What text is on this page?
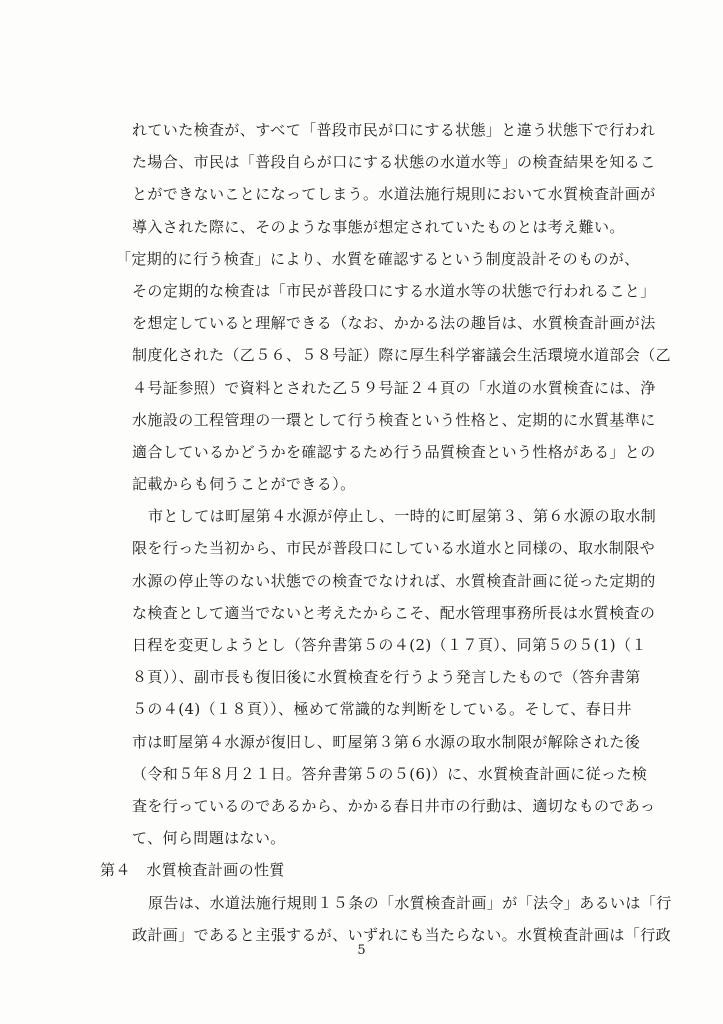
れていた検査が、すべて「普段市民が口にする状態」と違う状態下で行われ
た場合、市民は「普段自らが口にする状態の水道水等」の検査結果を知るこ
とができないことになってしまう。水道法施行規則において水質検査計画が
導入された際に、そのような事態が想定されていたものとは考え難い。
「定期的に行う検査」により、水質を確認するという制度設計そのものが、
その定期的な検査は「市民が普段口にする水道水等の状態で行われること」
を想定していると理解できる（なお、かかる法の趣旨は、水質検査計画が法
制度化された（乙５６、５８号証）際に厚生科学審議会生活環境水道部会（乙
４号証参照）で資料とされた乙５９号証２４頁の「水道の水質検査には、浄
水施設の工程管理の一環として行う検査という性格と、定期的に水質基準に
適合しているかどうかを確認するため行う品質検査という性格がある」との
記載からも伺うことができる）。
市としては町屋第４水源が停止し、一時的に町屋第３、第６水源の取水制
限を行った当初から、市民が普段口にしている水道水と同様の、取水制限や
水源の停止等のない状態での検査でなければ、水質検査計画に従った定期的
な検査として適当でないと考えたからこそ、配水管理事務所長は水質検査の
日程を変更しようとし（答弁書第５の４(2)（１７頁）、同第５の５(1)（１
８頁））、副市長も復旧後に水質検査を行うよう発言したもので（答弁書第
５の４(4)（１８頁））、極めて常識的な判断をしている。そして、春日井
市は町屋第４水源が復旧し、町屋第３第６水源の取水制限が解除された後
（令和５年８月２１日。答弁書第５の５(6)）に、水質検査計画に従った検
査を行っているのであるから、かかる春日井市の行動は、適切なものであっ
て、何ら問題はない。
第４　水質検査計画の性質
原告は、水道法施行規則１５条の「水質検査計画」が「法令」あるいは「行
政計画」であると主張するが、いずれにも当たらない。水質検査計画は「行政
5
